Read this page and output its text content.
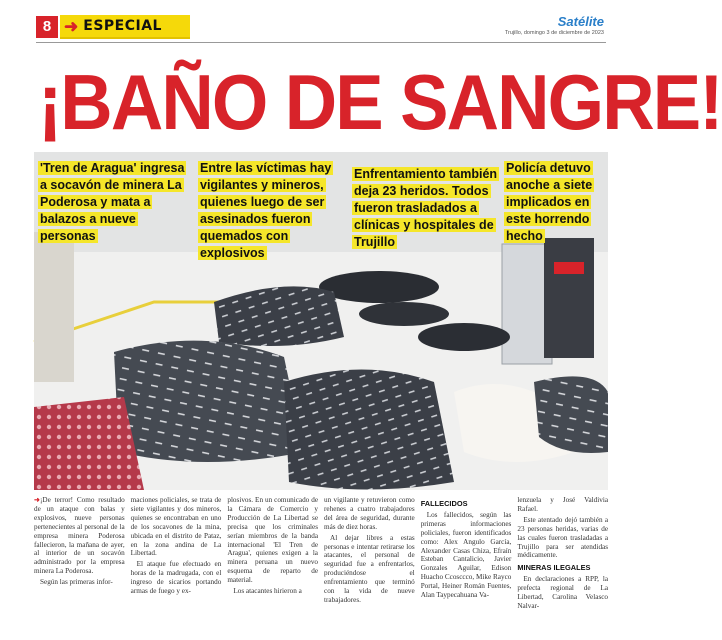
8 ➜ ESPECIAL	Satélite
Trujillo, domingo 3 de diciembre de 2023
¡BAÑO DE SANGRE!
'Tren de Aragua' ingresa a socavón de minera La Poderosa y mata a balazos a nueve personas
Entre las víctimas hay vigilantes y mineros, quienes luego de ser asesinados fueron quemados con explosivos
Enfrentamiento también deja 23 heridos. Todos fueron trasladados a clínicas y hospitales de Trujillo
Policía detuvo anoche a siete implicados en este horrendo hecho

➜¡De terror! Como resultado de un ataque con balas y explosivos, nueve personas pertenecientes al personal de la empresa minera Poderosa fallecieron, la mañana de ayer, al interior de un socavón administrado por la empresa minera La Poderosa.

Según las primeras infor-

maciones policiales, se trata de siete vigilantes y dos mineros, quienes se encontraban en uno de los socavones de la mina, ubicada en el distrito de Pataz, en la zona andina de La Libertad.

El ataque fue efectuado en horas de la madrugada, con el ingreso de sicarios portando armas de fuego y ex-

plosivos. En un comunicado de la Cámara de Comercio y Producción de La Libertad se precisa que los criminales serían miembros de la banda internacional 'El Tren de Aragua', quienes exigen a la minera peruana un nuevo esquema de reparto de material.

Los atacantes hirieron a

un vigilante y retuvieron como rehenes a cuatro trabajadores del área de seguridad, durante más de diez horas.

Al dejar libres a estas personas e intentar retirarse los atacantes, el personal de seguridad fue a enfrentarlos, produciéndose el enfrentamiento que terminó con la vida de nueve trabajadores.

FALLECIDOS

Los fallecidos, según las primeras informaciones policiales, fueron identificados como: Alex Angulo García, Alexander Casas Chiza, Efraín Esteban Cantalicio, Javier Gonzales Aguilar, Edison Huacho Ccosccco, Mike Rayco Portal, Heiner Román Fuentes, Alan Taypecahuana Va-

lenzuela y José Valdivia Rafael.

Este atentado dejó también a 23 personas heridas, varias de las cuales fueron trasladadas a Trujillo para ser atendidas médicamente.

MINERAS ILEGALES

En declaraciones a RPP, la prefecta regional de La Libertad, Carolina Velasco Nalvar-
